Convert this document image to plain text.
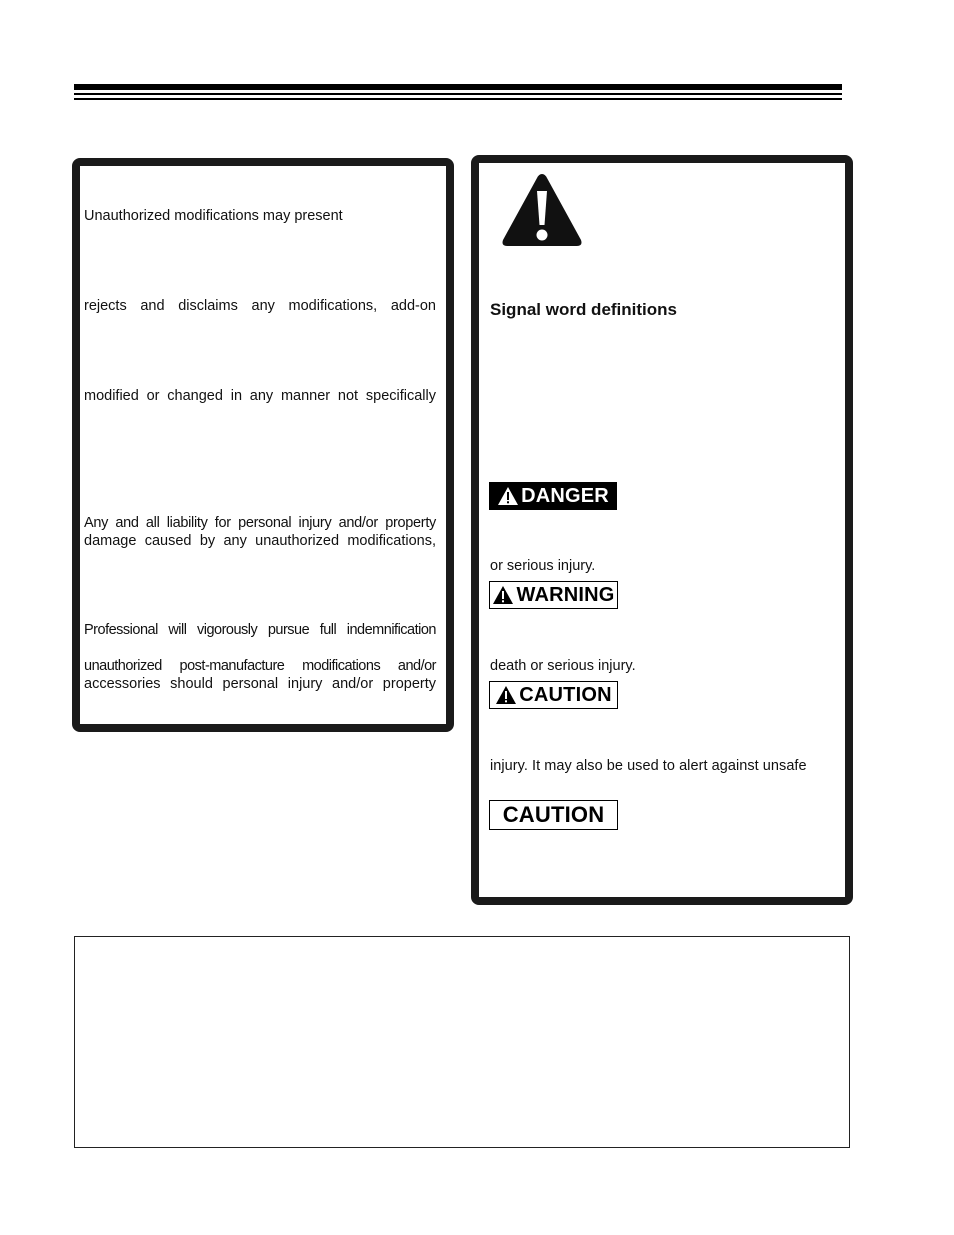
Unauthorized modifications may present
rejects and disclaims any modifications, add-on
modified or changed in any manner not specifically
Any and all liability for personal injury and/or property
damage caused by any unauthorized modifications,
Professional will vigorously pursue full indemnification
unauthorized post-manufacture modifications and/or
accessories should personal injury and/or property
Signal word definitions
DANGER
or serious injury.
WARNING
death or serious injury.
CAUTION
injury. It may also be used to alert against unsafe
CAUTION
